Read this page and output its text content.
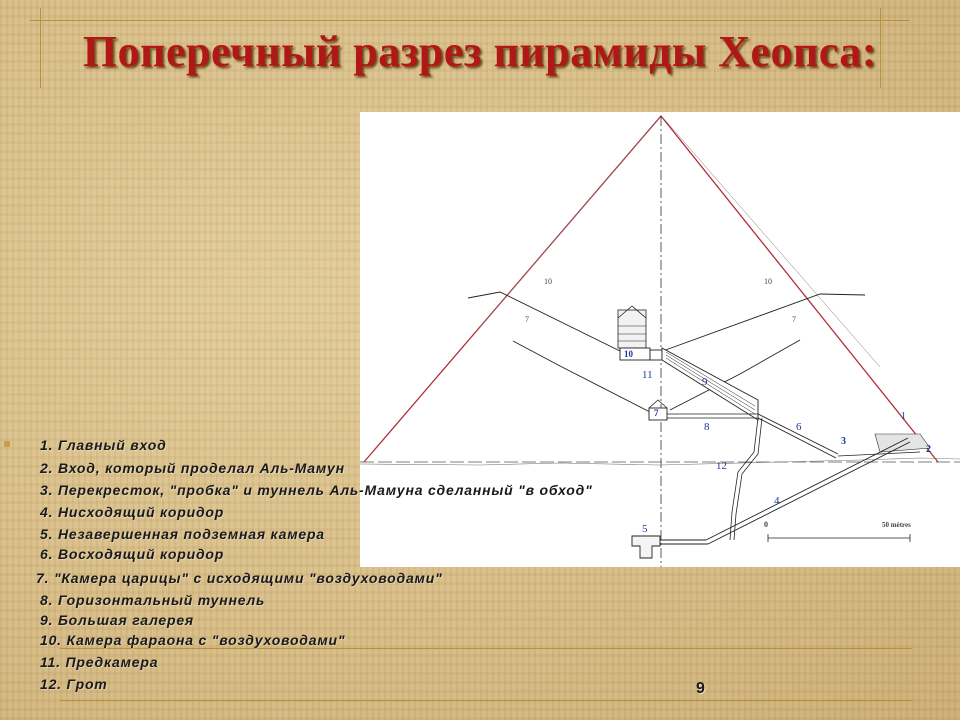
Поперечный разрез пирамиды Хеопса:
0	50 mètres
10	10
7	7
1
2
3
4
5
6
7
8
9
10
11
12
1. Главный вход
2. Вход, который проделал Аль-Мамун
3. Перекресток, "пробка" и туннель Аль-Мамуна сделанный "в обход"
4. Нисходящий коридор
5. Незавершенная подземная камера
6. Восходящий коридор
7. "Камера царицы" с исходящими "воздуховодами"
8. Горизонтальный туннель
9. Большая галерея
10. Камера фараона с "воздуховодами"
11. Предкамера
12. Грот	9
